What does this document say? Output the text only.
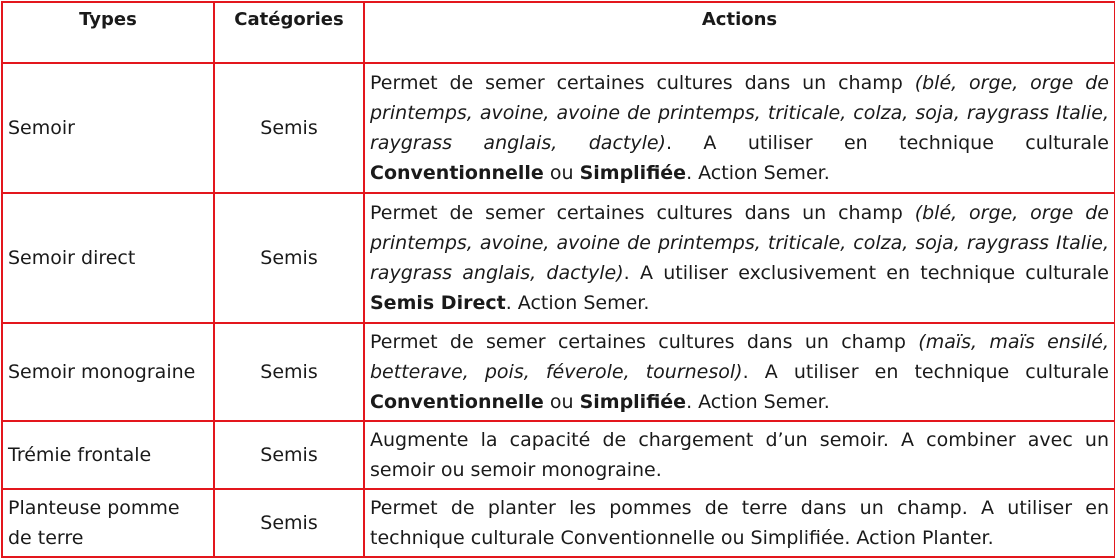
Types	Catégories	Actions
Semoir	Semis	Permet de semer certaines cultures dans un champ (blé, orge, orge de printemps, avoine, avoine de printemps, triticale, colza, soja, raygrass Italie, raygrass anglais, dactyle). A utiliser en technique culturale Conventionnelle ou Simplifiée. Action Semer.
Semoir direct	Semis	Permet de semer certaines cultures dans un champ (blé, orge, orge de printemps, avoine, avoine de printemps, triticale, colza, soja, raygrass Italie, raygrass anglais, dactyle). A utiliser exclusivement en technique culturale Semis Direct. Action Semer.
Semoir monograine	Semis	Permet de semer certaines cultures dans un champ (maïs, maïs ensilé, betterave, pois, féverole, tournesol). A utiliser en technique culturale Conventionnelle ou Simplifiée. Action Semer.
Trémie frontale	Semis	Augmente la capacité de chargement d’un semoir. A combiner avec un semoir ou semoir monograine.
Planteuse pomme de terre	Semis	Permet de planter les pommes de terre dans un champ. A utiliser en technique culturale Conventionnelle ou Simplifiée. Action Planter.
